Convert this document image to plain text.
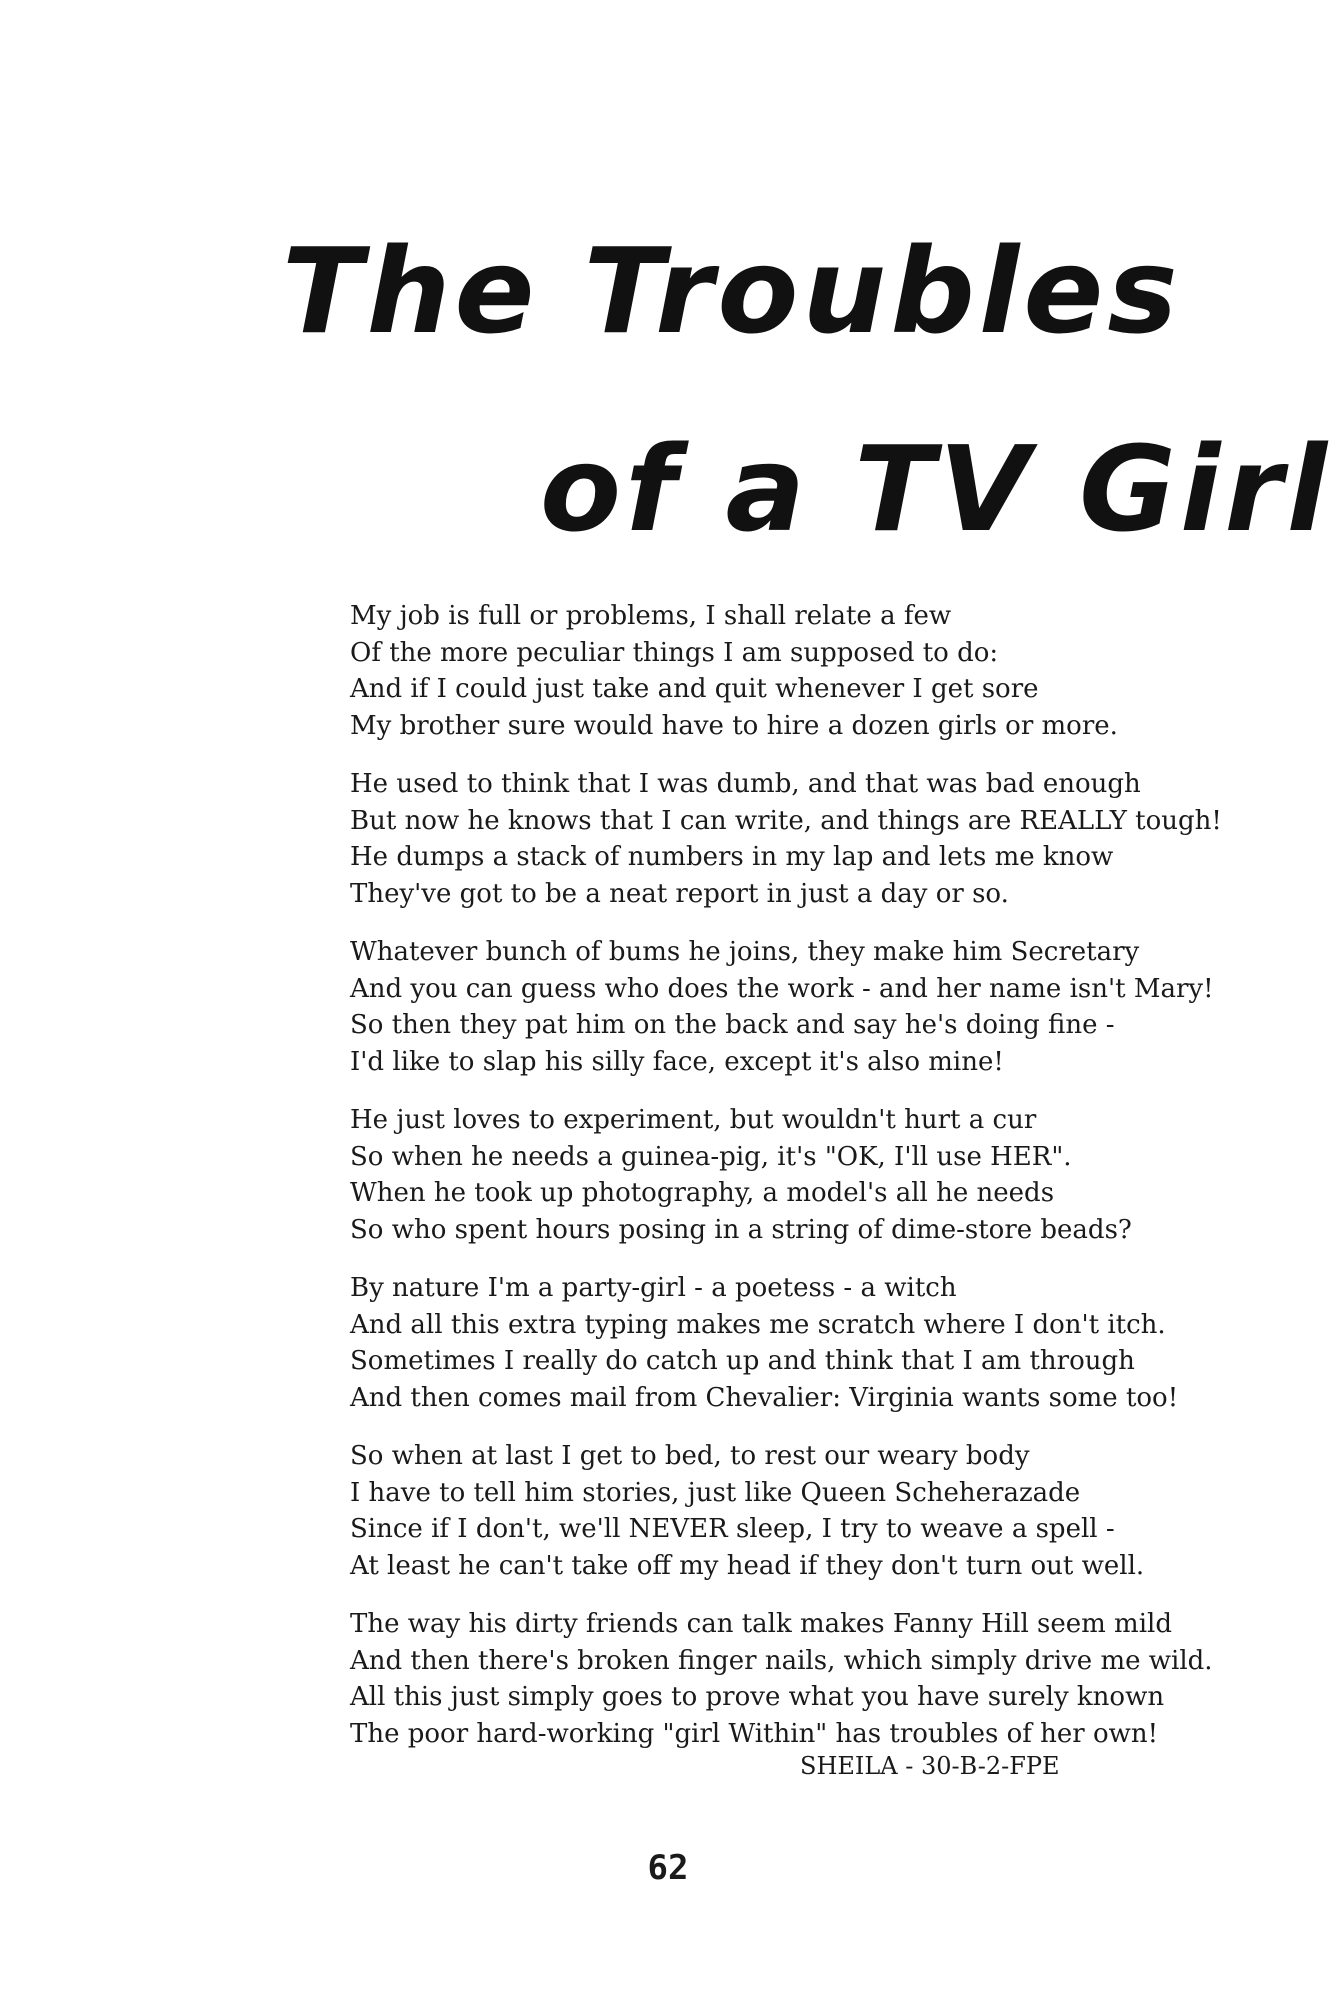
The Troubles
of a TV Girl
My job is full or problems, I shall relate a few
Of the more peculiar things I am supposed to do:
And if I could just take and quit whenever I get sore
My brother sure would have to hire a dozen girls or more.
He used to think that I was dumb, and that was bad enough
But now he knows that I can write, and things are REALLY tough!
He dumps a stack of numbers in my lap and lets me know
They've got to be a neat report in just a day or so.
Whatever bunch of bums he joins, they make him Secretary
And you can guess who does the work - and her name isn't Mary!
So then they pat him on the back and say he's doing fine -
I'd like to slap his silly face, except it's also mine!
He just loves to experiment, but wouldn't hurt a cur
So when he needs a guinea-pig, it's "OK, I'll use HER".
When he took up photography, a model's all he needs
So who spent hours posing in a string of dime-store beads?
By nature I'm a party-girl - a poetess - a witch
And all this extra typing makes me scratch where I don't itch.
Sometimes I really do catch up and think that I am through
And then comes mail from Chevalier: Virginia wants some too!
So when at last I get to bed, to rest our weary body
I have to tell him stories, just like Queen Scheherazade
Since if I don't, we'll NEVER sleep, I try to weave a spell -
At least he can't take off my head if they don't turn out well.
The way his dirty friends can talk makes Fanny Hill seem mild
And then there's broken finger nails, which simply drive me wild.
All this just simply goes to prove what you have surely known
The poor hard-working "girl Within" has troubles of her own!
SHEILA - 30-B-2-FPE
62
